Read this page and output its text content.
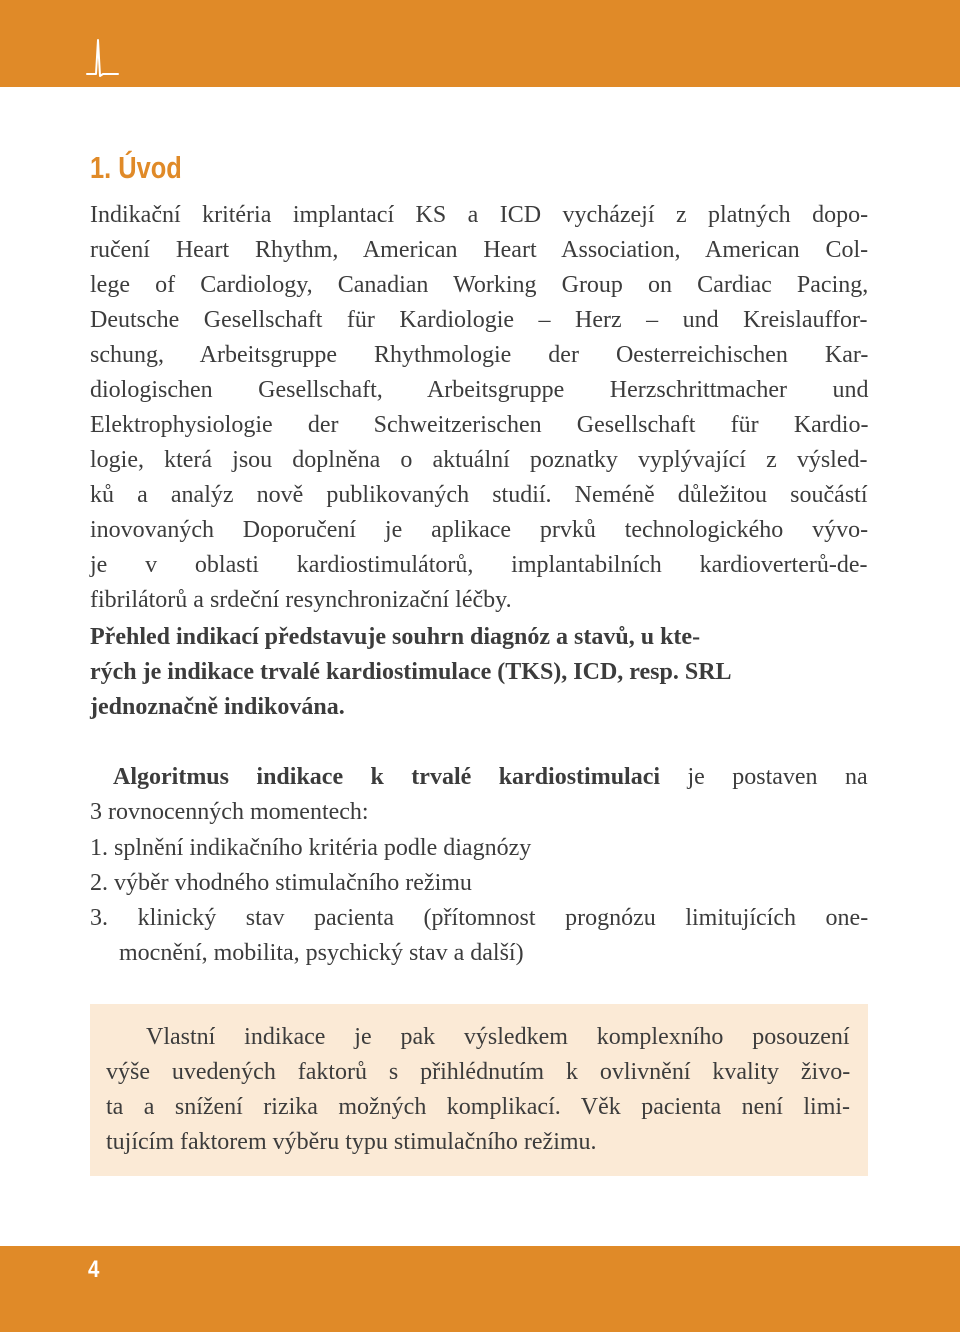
1. Úvod

Indikační kritéria implantací KS a ICD vycházejí z platných dopo-

ručení Heart Rhythm, American Heart Association, American Col-

lege of Cardiology, Canadian Working Group on Cardiac Pacing,

Deutsche Gesellschaft für Kardiologie – Herz – und Kreislauffor-

schung, Arbeitsgruppe Rhythmologie der Oesterreichischen Kar-

diologischen Gesellschaft, Arbeitsgruppe Herzschrittmacher und

Elektrophysiologie der Schweitzerischen Gesellschaft für Kardio-

logie, která jsou doplněna o aktuální poznatky vyplývající z výsled-

ků a analýz nově publikovaných studií. Neméně důležitou součástí

inovovaných Doporučení je aplikace prvků technologického vývo-

je v oblasti kardiostimulátorů, implantabilních kardioverterů-de-

fibrilátorů a srdeční resynchronizační léčby.

Přehled indikací představuje souhrn diagnóz a stavů, u kte-

rých je indikace trvalé kardiostimulace (TKS), ICD, resp. SRL

jednoznačně indikována.

Algoritmus indikace k trvalé kardiostimulaci je postaven na

3 rovnocenných momentech:

1. splnění indikačního kritéria podle diagnózy

2. výběr vhodného stimulačního režimu

3. klinický stav pacienta (přítomnost prognózu limitujících one-

mocnění, mobilita, psychický stav a další)

Vlastní indikace je pak výsledkem komplexního posouzení

výše uvedených faktorů s přihlédnutím k ovlivnění kvality živo-

ta a snížení rizika možných komplikací. Věk pacienta není limi-

tujícím faktorem výběru typu stimulačního režimu.

4
